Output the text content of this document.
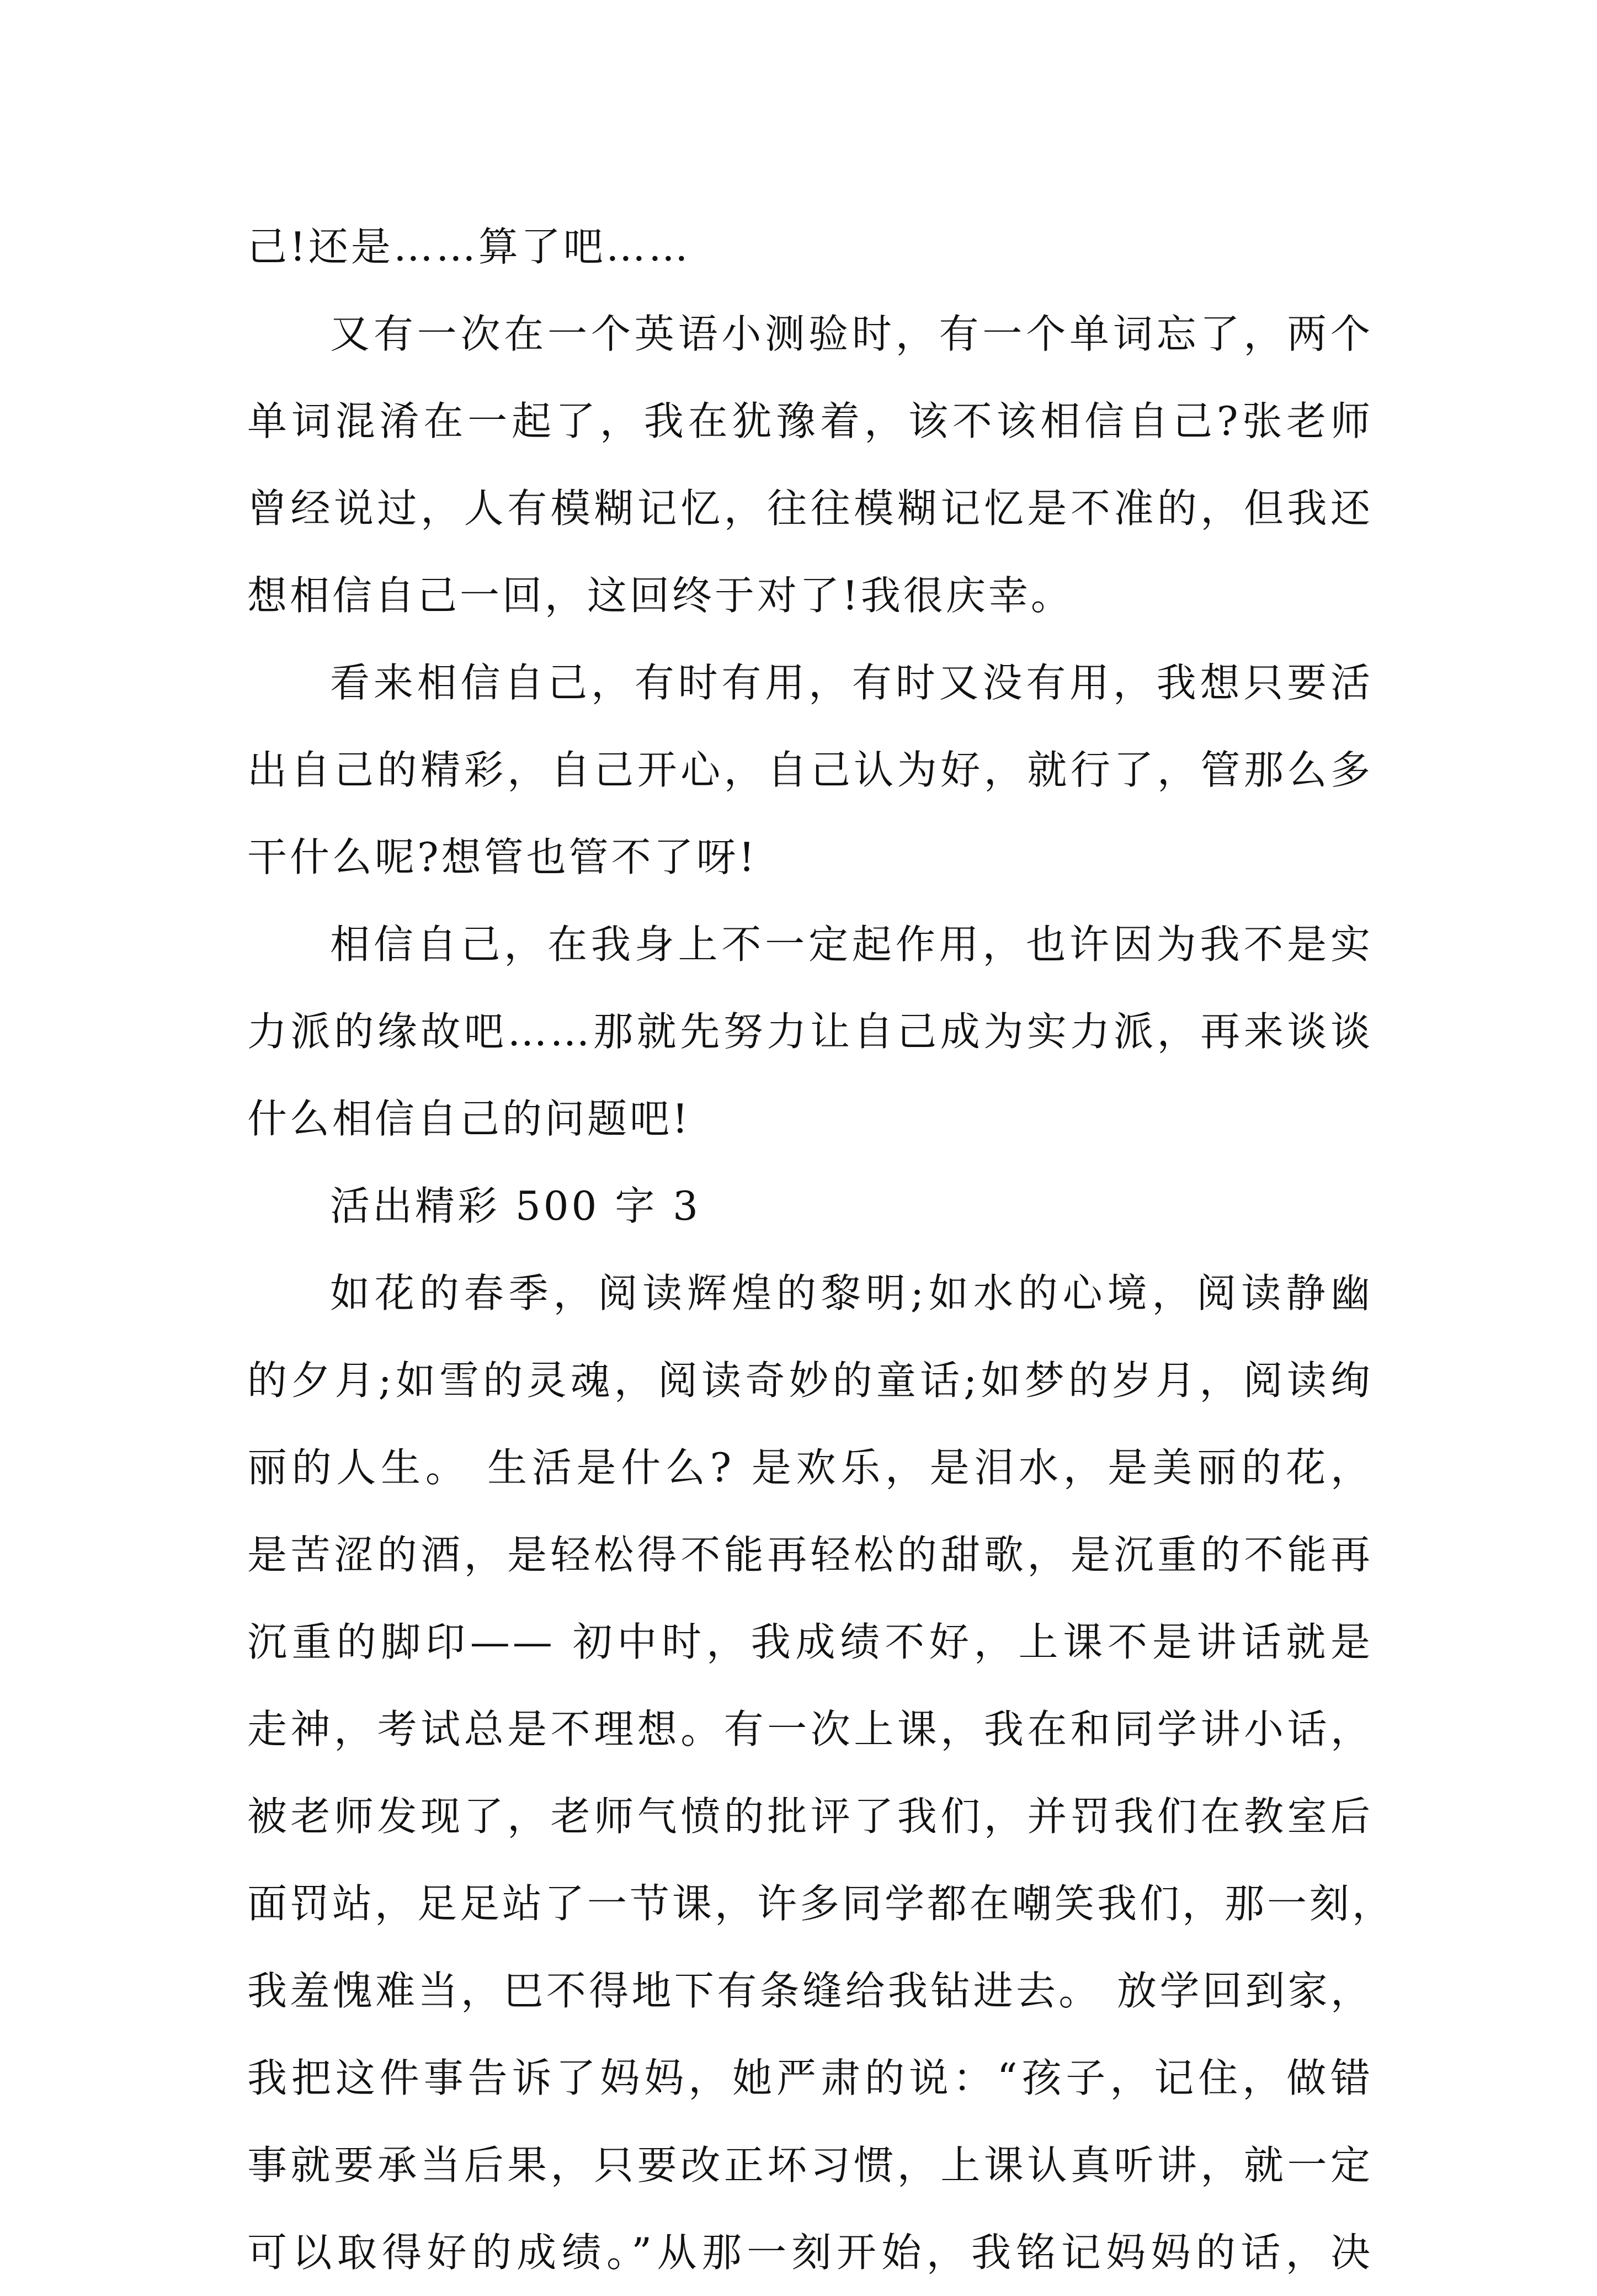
己!还是……算了吧……
又有一次在一个英语小测验时，有一个单词忘了，两个
单词混淆在一起了，我在犹豫着，该不该相信自己?张老师
曾经说过，人有模糊记忆，往往模糊记忆是不准的，但我还
想相信自己一回，这回终于对了!我很庆幸。
看来相信自己，有时有用，有时又没有用，我想只要活
出自己的精彩，自己开心，自己认为好，就行了，管那么多
干什么呢?想管也管不了呀!
相信自己，在我身上不一定起作用，也许因为我不是实
力派的缘故吧……那就先努力让自己成为实力派，再来谈谈
什么相信自己的问题吧!
活出精彩 500 字 3
如花的春季，阅读辉煌的黎明;如水的心境，阅读静幽
的夕月;如雪的灵魂，阅读奇妙的童话;如梦的岁月，阅读绚
丽的人生。 生活是什么? 是欢乐，是泪水，是美丽的花，
是苦涩的酒，是轻松得不能再轻松的甜歌，是沉重的不能再
沉重的脚印—— 初中时，我成绩不好，上课不是讲话就是
走神，考试总是不理想。有一次上课，我在和同学讲小话，
被老师发现了，老师气愤的批评了我们，并罚我们在教室后
面罚站，足足站了一节课，许多同学都在嘲笑我们，那一刻，
我羞愧难当，巴不得地下有条缝给我钻进去。 放学回到家，
我把这件事告诉了妈妈，她严肃的说：“孩子，记住，做错
事就要承当后果，只要改正坏习惯，上课认真听讲，就一定
可以取得好的成绩。”从那一刻开始，我铭记妈妈的话，决
